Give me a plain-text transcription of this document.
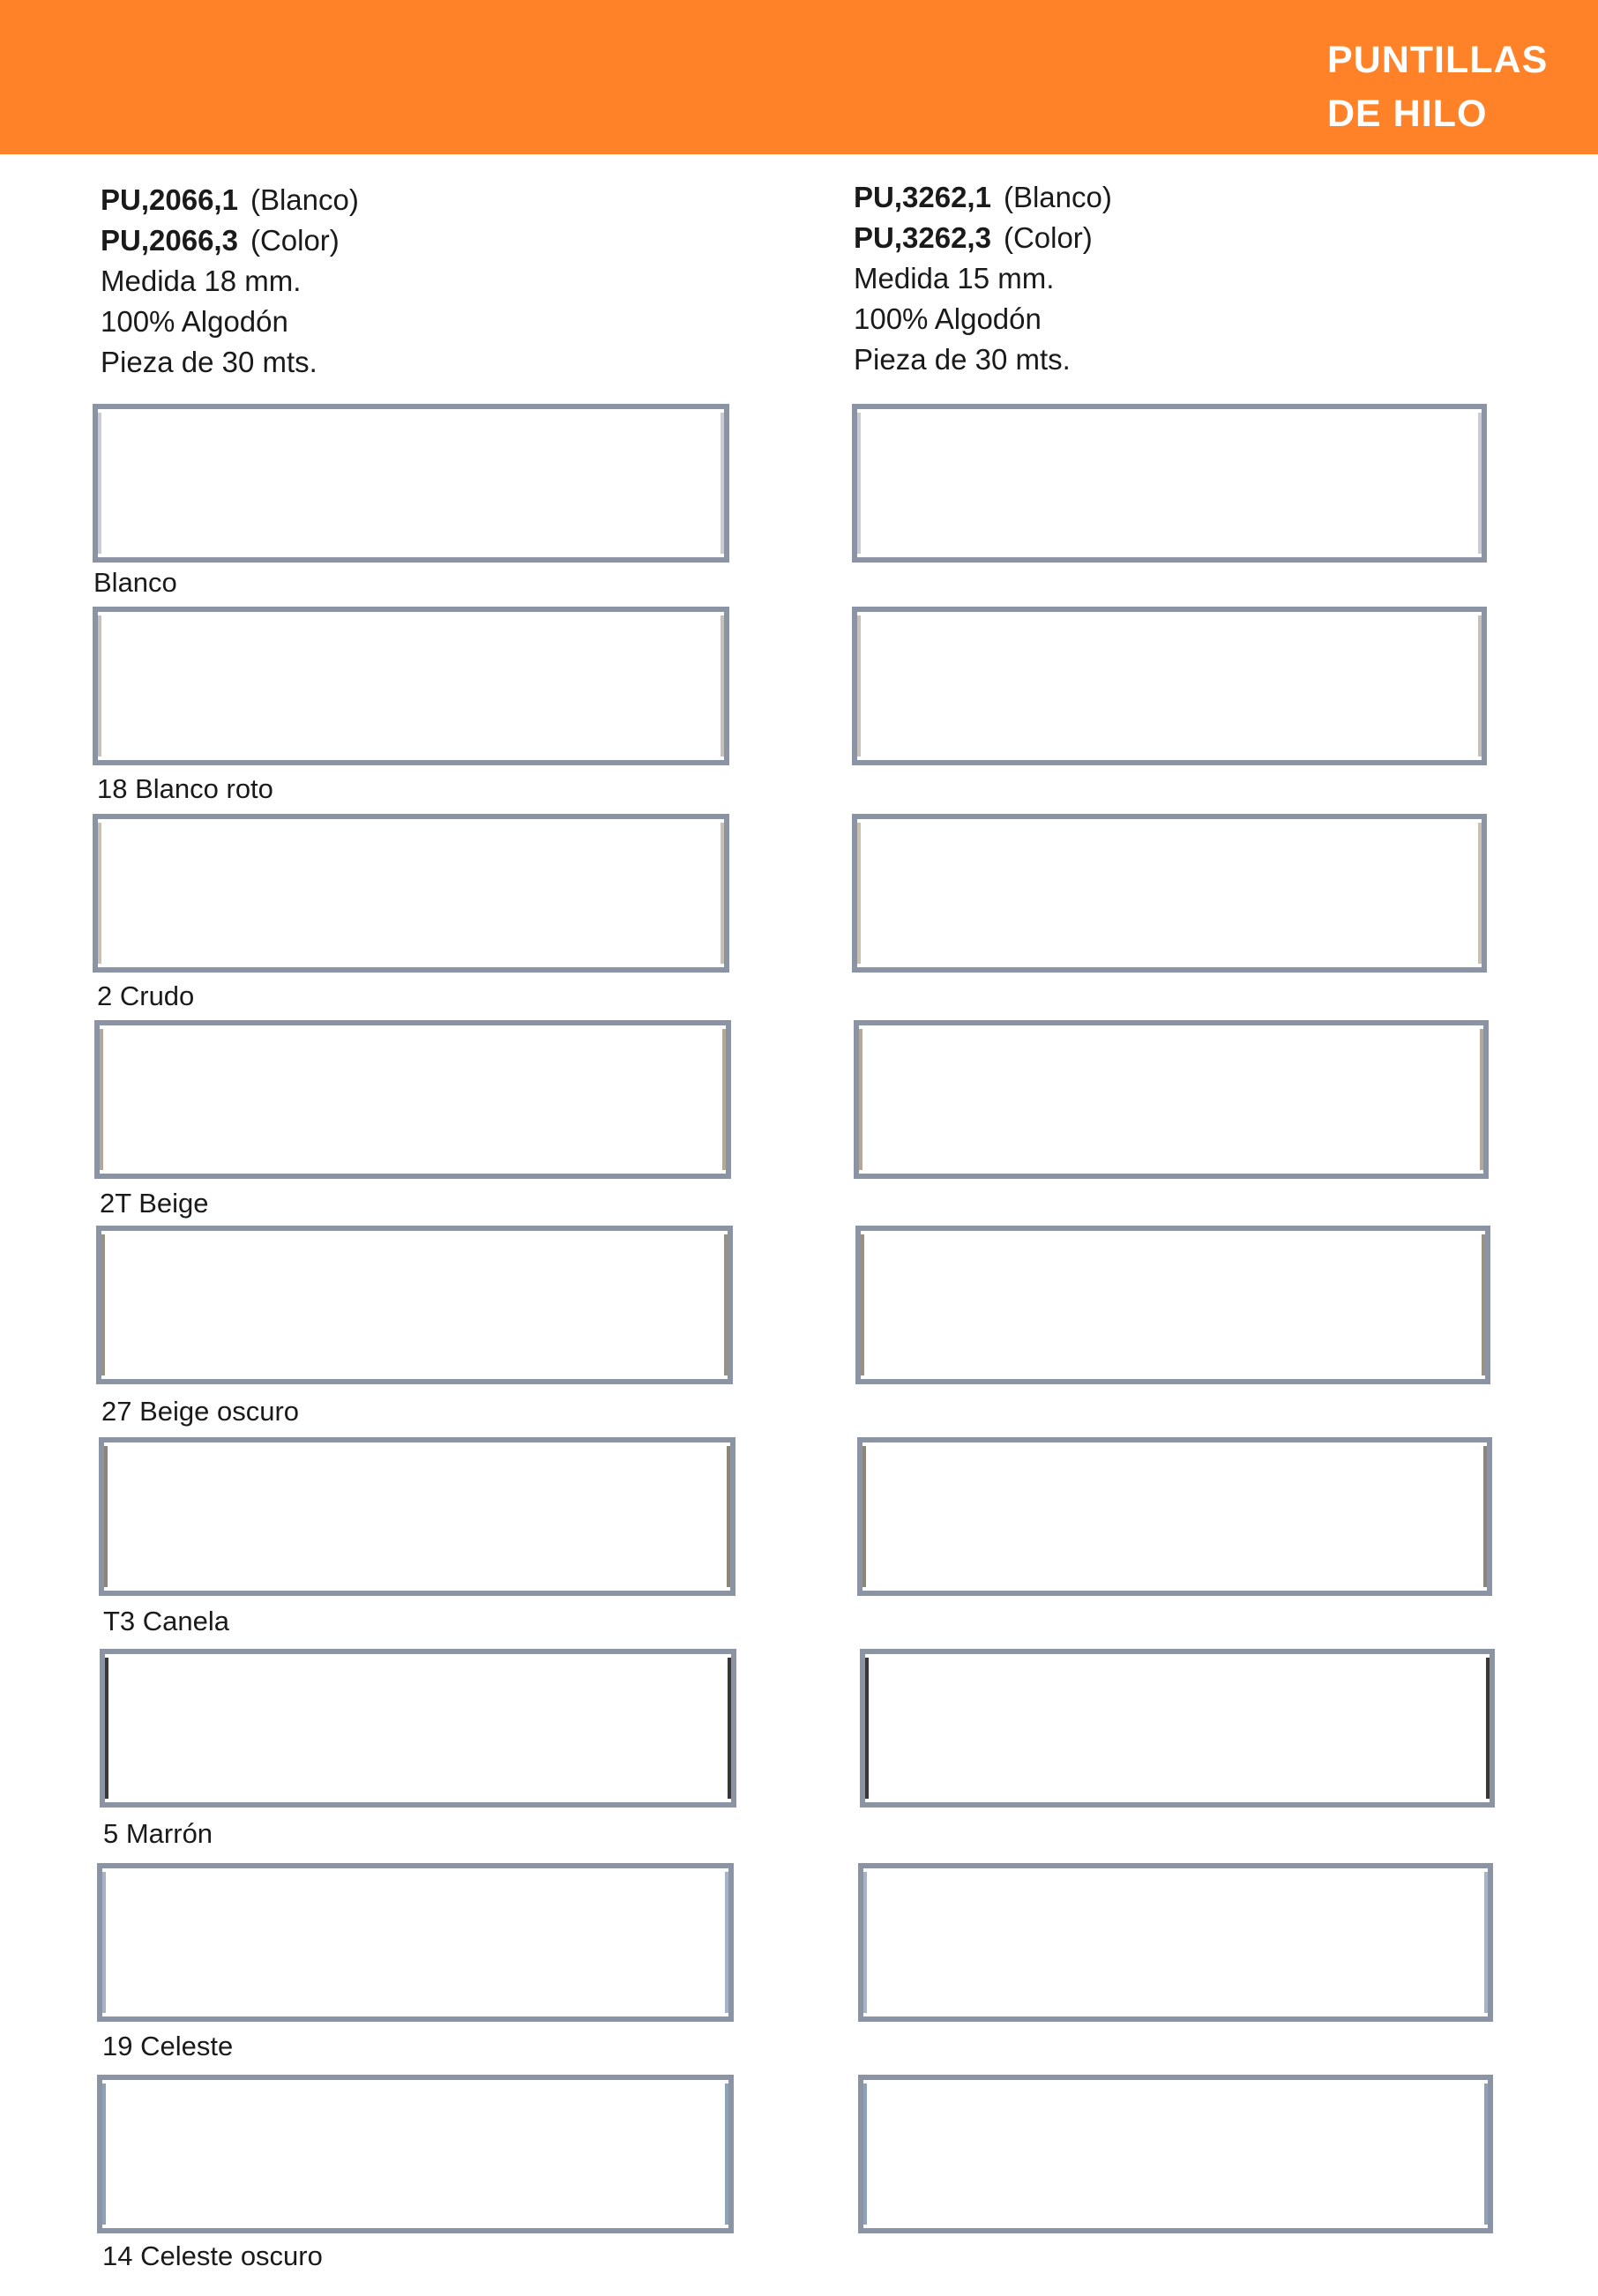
PUNTILLAS
DE HILO
PU,2066,1 (Blanco)
PU,2066,3 (Color)
Medida 18 mm.
100% Algodón
Pieza de 30 mts.
PU,3262,1 (Blanco)
PU,3262,3 (Color)
Medida 15 mm.
100% Algodón
Pieza de 30 mts.
Blanco
18 Blanco roto
2 Crudo
2T Beige
27 Beige oscuro
T3 Canela
5 Marrón
19 Celeste
14 Celeste oscuro
